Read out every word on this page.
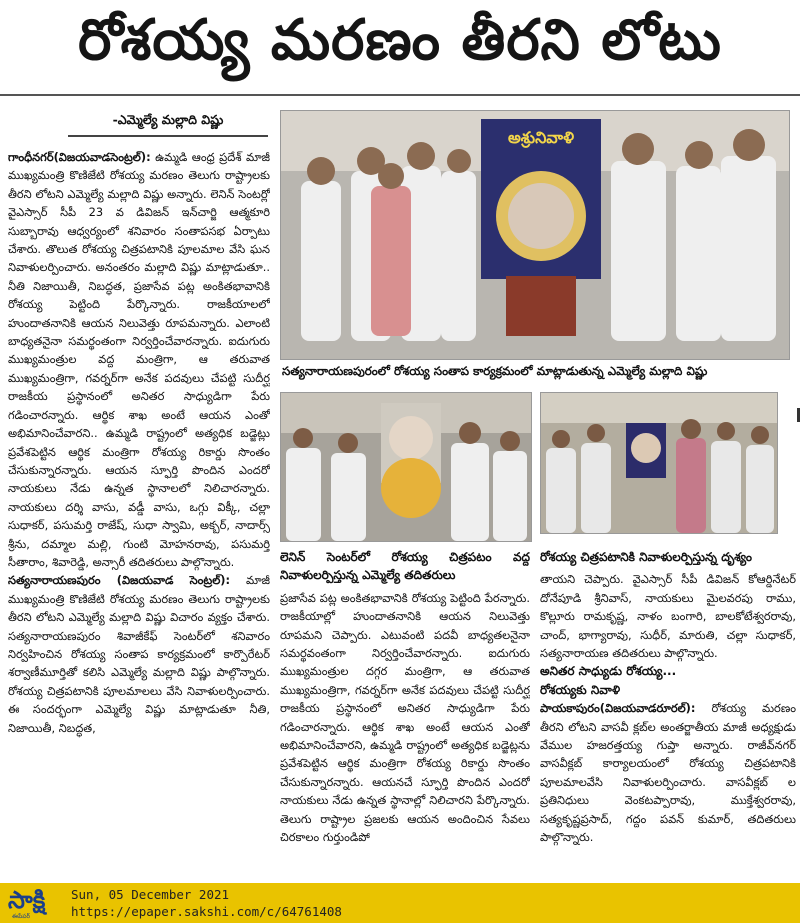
రోశయ్య మరణం తీరని లోటు
-ఎమ్మెల్యే మల్లాది విష్ణు

గాంధీనగర్(విజయవాడసెంట్రల్): ఉమ్మడి ఆంధ్ర ప్రదేశ్ మాజీ ముఖ్యమంత్రి కొణిజేటి రోశయ్య మరణం తెలుగు రాష్ట్రాలకు తీరని లోటని ఎమ్మెల్యే మల్లాది విష్ణు అన్నారు. లెనిన్ సెంటర్లో వైఎస్సార్ సీపీ 23 వ డివిజన్ ఇన్‌చార్జి ఆత్మకూరి సుబ్బారావు ఆధ్వర్యంలో శనివారం సంతాపసభ ఏర్పాటు చేశారు. తొలుత రోశయ్య చిత్రపటానికి పూలమాల వేసి ఘన నివాళులర్పించారు. అనంతరం మల్లాది విష్ణు మాట్లాడుతూ.. నీతి నిజాయితీ, నిబద్ధత, ప్రజాసేవ పట్ల అంకితభావానికి రోశయ్య పెట్టింది పేర్కొన్నారు. రాజకీయాలలో హుందాతనానికి ఆయన నిలువెత్తు రూపమన్నారు. ఎలాంటి బాధ్యతనైనా సమర్థంతంగా నిర్వర్తించేవారన్నారు. ఐదుగురు ముఖ్యమంత్రుల వద్ద మంత్రిగా, ఆ తరువాత ముఖ్యమంత్రిగా, గవర్నర్‌గా అనేక పదవులు చేపట్టి సుదీర్ఘ రాజకీయ ప్రస్థానంలో అనితర సాధ్యుడిగా పేరు గడించారన్నారు. ఆర్థిక శాఖ అంటే ఆయన ఎంతో అభిమానించేవారని.. ఉమ్మడి రాష్ట్రంలో అత్యధిక బడ్జెట్లు ప్రవేశపెట్టిన ఆర్థిక మంత్రిగా రోశయ్య రికార్డు సొంతం చేసుకున్నారన్నారు. ఆయన స్ఫూర్తి పొందిన ఎందరో నాయకులు నేడు ఉన్నత స్థానాలలో నిలిచారన్నారు. నాయకులు దర్శి వాసు, వడ్డీ వాసు, ఒగ్గు విక్కీ, చల్లా సుధాకర్, పసుమర్తి రాజేష్, సుధా స్వామి, అక్బర్, నాదార్స్ శ్రీను, దమ్మాల మల్లి, గుంటి మోహనరావు, పసుమర్తి సీతారాం, శివారెడ్డి, అన్సారీ తదితరులు పాల్గొన్నారు.

సత్యనారాయణపురం (విజయవాడ సెంట్రల్): మాజీ ముఖ్యమంత్రి కొణిజేటి రోశయ్య మరణం తెలుగు రాష్ట్రాలకు తీరని లోటని ఎమ్మెల్యే మల్లాది విష్ణు విచారం వ్యక్తం చేశారు. సత్యనారాయణపురం శివాజీకేఫ్ సెంటర్‌లో శనివారం నిర్వహించిన రోశయ్య సంతాప కార్యక్రమంలో కార్పొరేటర్ శర్వాణీమూర్తితో కలిసి ఎమ్మెల్యే మల్లాది విష్ణు పాల్గొన్నారు. రోశయ్య చిత్రపటానికి పూలమాలలు వేసి నివాళులర్పించారు. ఈ సందర్భంగా ఎమ్మెల్యే విష్ణు మాట్లాడుతూ నీతి, నిజాయితీ, నిబద్ధత,

అశ్రునివాళి
సత్యనారాయణపురంలో రోశయ్య సంతాప కార్యక్రమంలో మాట్లాడుతున్న ఎమ్మెల్యే మల్లాది విష్ణు

లెనిన్ సెంటర్‌లో రోశయ్య చిత్రపటం వద్ద నివాళులర్పిస్తున్న ఎమ్మెల్యే తదితరులు

ప్రజాసేవ పట్ల అంకితభావానికి రోశయ్య పెట్టింది పేరన్నారు. రాజకీయాల్లో హుందాతనానికి ఆయన నిలువెత్తు రూపమని చెప్పారు. ఎటువంటి పదవీ బాధ్యతలనైనా సమర్థవంతంగా నిర్వర్తించేవారన్నారు. ఐదుగురు ముఖ్యమంత్రుల దగ్గర మంత్రిగా, ఆ తరువాత ముఖ్యమంత్రిగా, గవర్నర్‌గా అనేక పదవులు చేపట్టి సుదీర్ఘ రాజకీయ ప్రస్థానంలో అనితర సాధ్యుడిగా పేరు గడించారన్నారు. ఆర్థిక శాఖ అంటే ఆయన ఎంతో అభిమానించేవారని, ఉమ్మడి రాష్ట్రంలో అత్యధిక బడ్జెట్లను ప్రవేశపెట్టిన ఆర్థిక మంత్రిగా రోశయ్య రికార్డు సొంతం చేసుకున్నారన్నారు. ఆయనచే స్ఫూర్తి పొందిన ఎందరో నాయకులు నేడు ఉన్నత స్థానాల్లో నిలిచారని పేర్కొన్నారు. తెలుగు రాష్ట్రాల ప్రజలకు ఆయన అందించిన సేవలు చిరకాలం గుర్తుండిపో

రోశయ్య చిత్రపటానికి నివాళులర్పిస్తున్న దృశ్యం

తాయని చెప్పారు. వైఎస్సార్ సీపీ డివిజన్ కోఆర్డినేటర్ దోనేపూడి శ్రీనివాస్, నాయకులు మైలవరపు రాము, కొల్లూరు రామకృష్ణ, నాళం బంగారి, బాలకోటేశ్వరరావు, చాంద్, భాగ్యారావు, సుధీర్, మారుతి, చల్లా సుధాకర్, సత్యనారాయణ తదితరులు పాల్గొన్నారు.

అనితర సాధ్యుడు రోశయ్య...

రోశయ్యకు నివాళి

పాయకాపురం(విజయవాడరూరల్): రోశయ్య మరణం తీరని లోటని వాసవీ క్లబ్‌ల అంతర్జాతీయ మాజీ అధ్యక్షుడు వేముల హజరత్తయ్య గుప్తా అన్నారు. రాజీవ్‌నగర్ వాసవీక్లబ్ కార్యాలయంలో రోశయ్య చిత్రపటానికి పూలమాలవేసి నివాళులర్పించారు. వాసవీక్లబ్ ల ప్రతినిధులు వెంకటప్పారావు, ముక్తేశ్వరరావు, సత్యకృష్ణప్రసాద్, గద్దం పవన్ కుమార్, తదితరులు పాల్గొన్నారు.

సాక్షి
ఈపేపర్
Sun, 05 December 2021
https://epaper.sakshi.com/c/64761408
